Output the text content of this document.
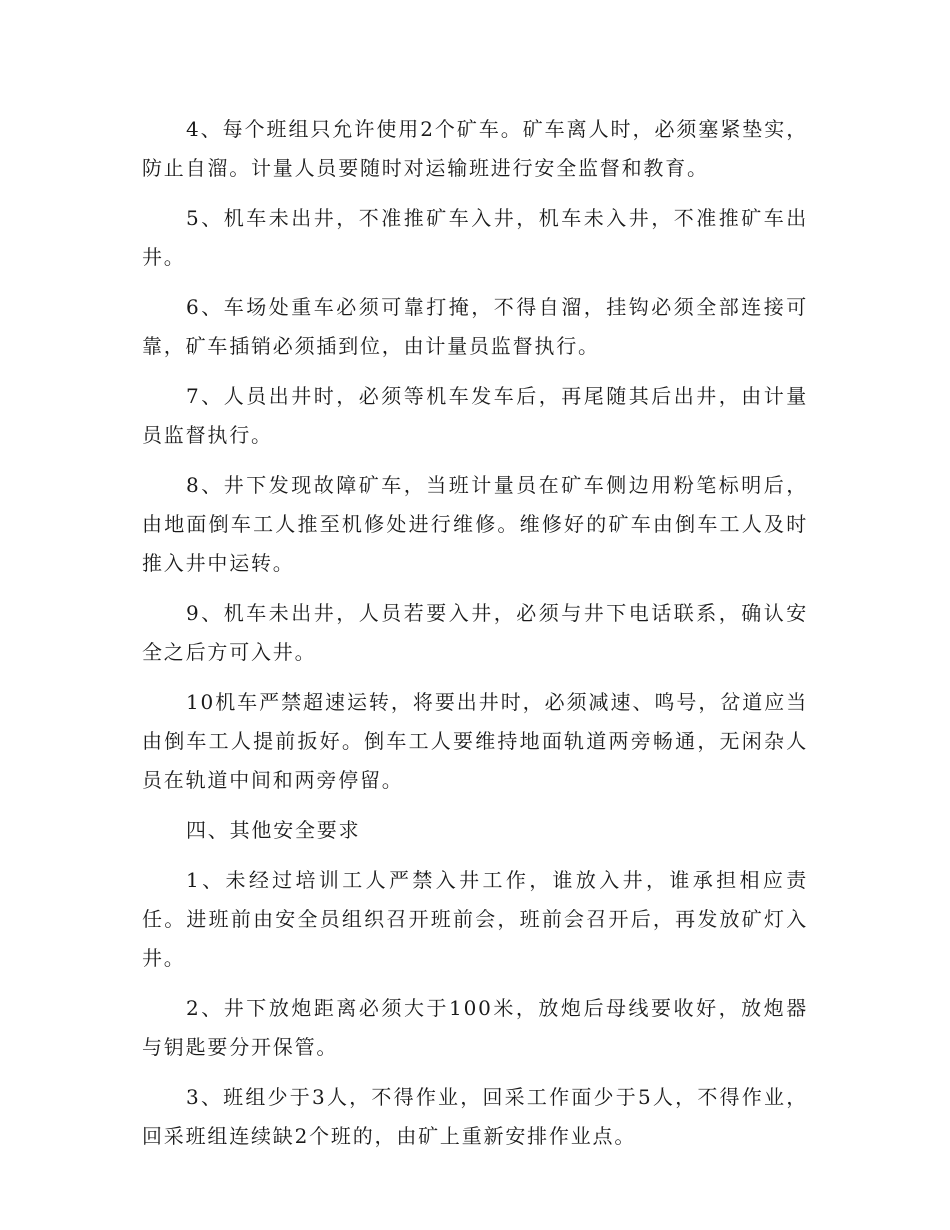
4、每个班组只允许使用2个矿车。矿车离人时，必须塞紧垫实，防止自溜。计量人员要随时对运输班进行安全监督和教育。

5、机车未出井，不准推矿车入井，机车未入井，不准推矿车出井。

6、车场处重车必须可靠打掩，不得自溜，挂钩必须全部连接可靠，矿车插销必须插到位，由计量员监督执行。

7、人员出井时，必须等机车发车后，再尾随其后出井，由计量员监督执行。

8、井下发现故障矿车，当班计量员在矿车侧边用粉笔标明后，由地面倒车工人推至机修处进行维修。维修好的矿车由倒车工人及时推入井中运转。

9、机车未出井，人员若要入井，必须与井下电话联系，确认安全之后方可入井。

10机车严禁超速运转，将要出井时，必须减速、鸣号，岔道应当由倒车工人提前扳好。倒车工人要维持地面轨道两旁畅通，无闲杂人员在轨道中间和两旁停留。

四、其他安全要求

1、未经过培训工人严禁入井工作，谁放入井，谁承担相应责任。进班前由安全员组织召开班前会，班前会召开后，再发放矿灯入井。

2、井下放炮距离必须大于100米，放炮后母线要收好，放炮器与钥匙要分开保管。

3、班组少于3人，不得作业，回采工作面少于5人，不得作业，回采班组连续缺2个班的，由矿上重新安排作业点。
